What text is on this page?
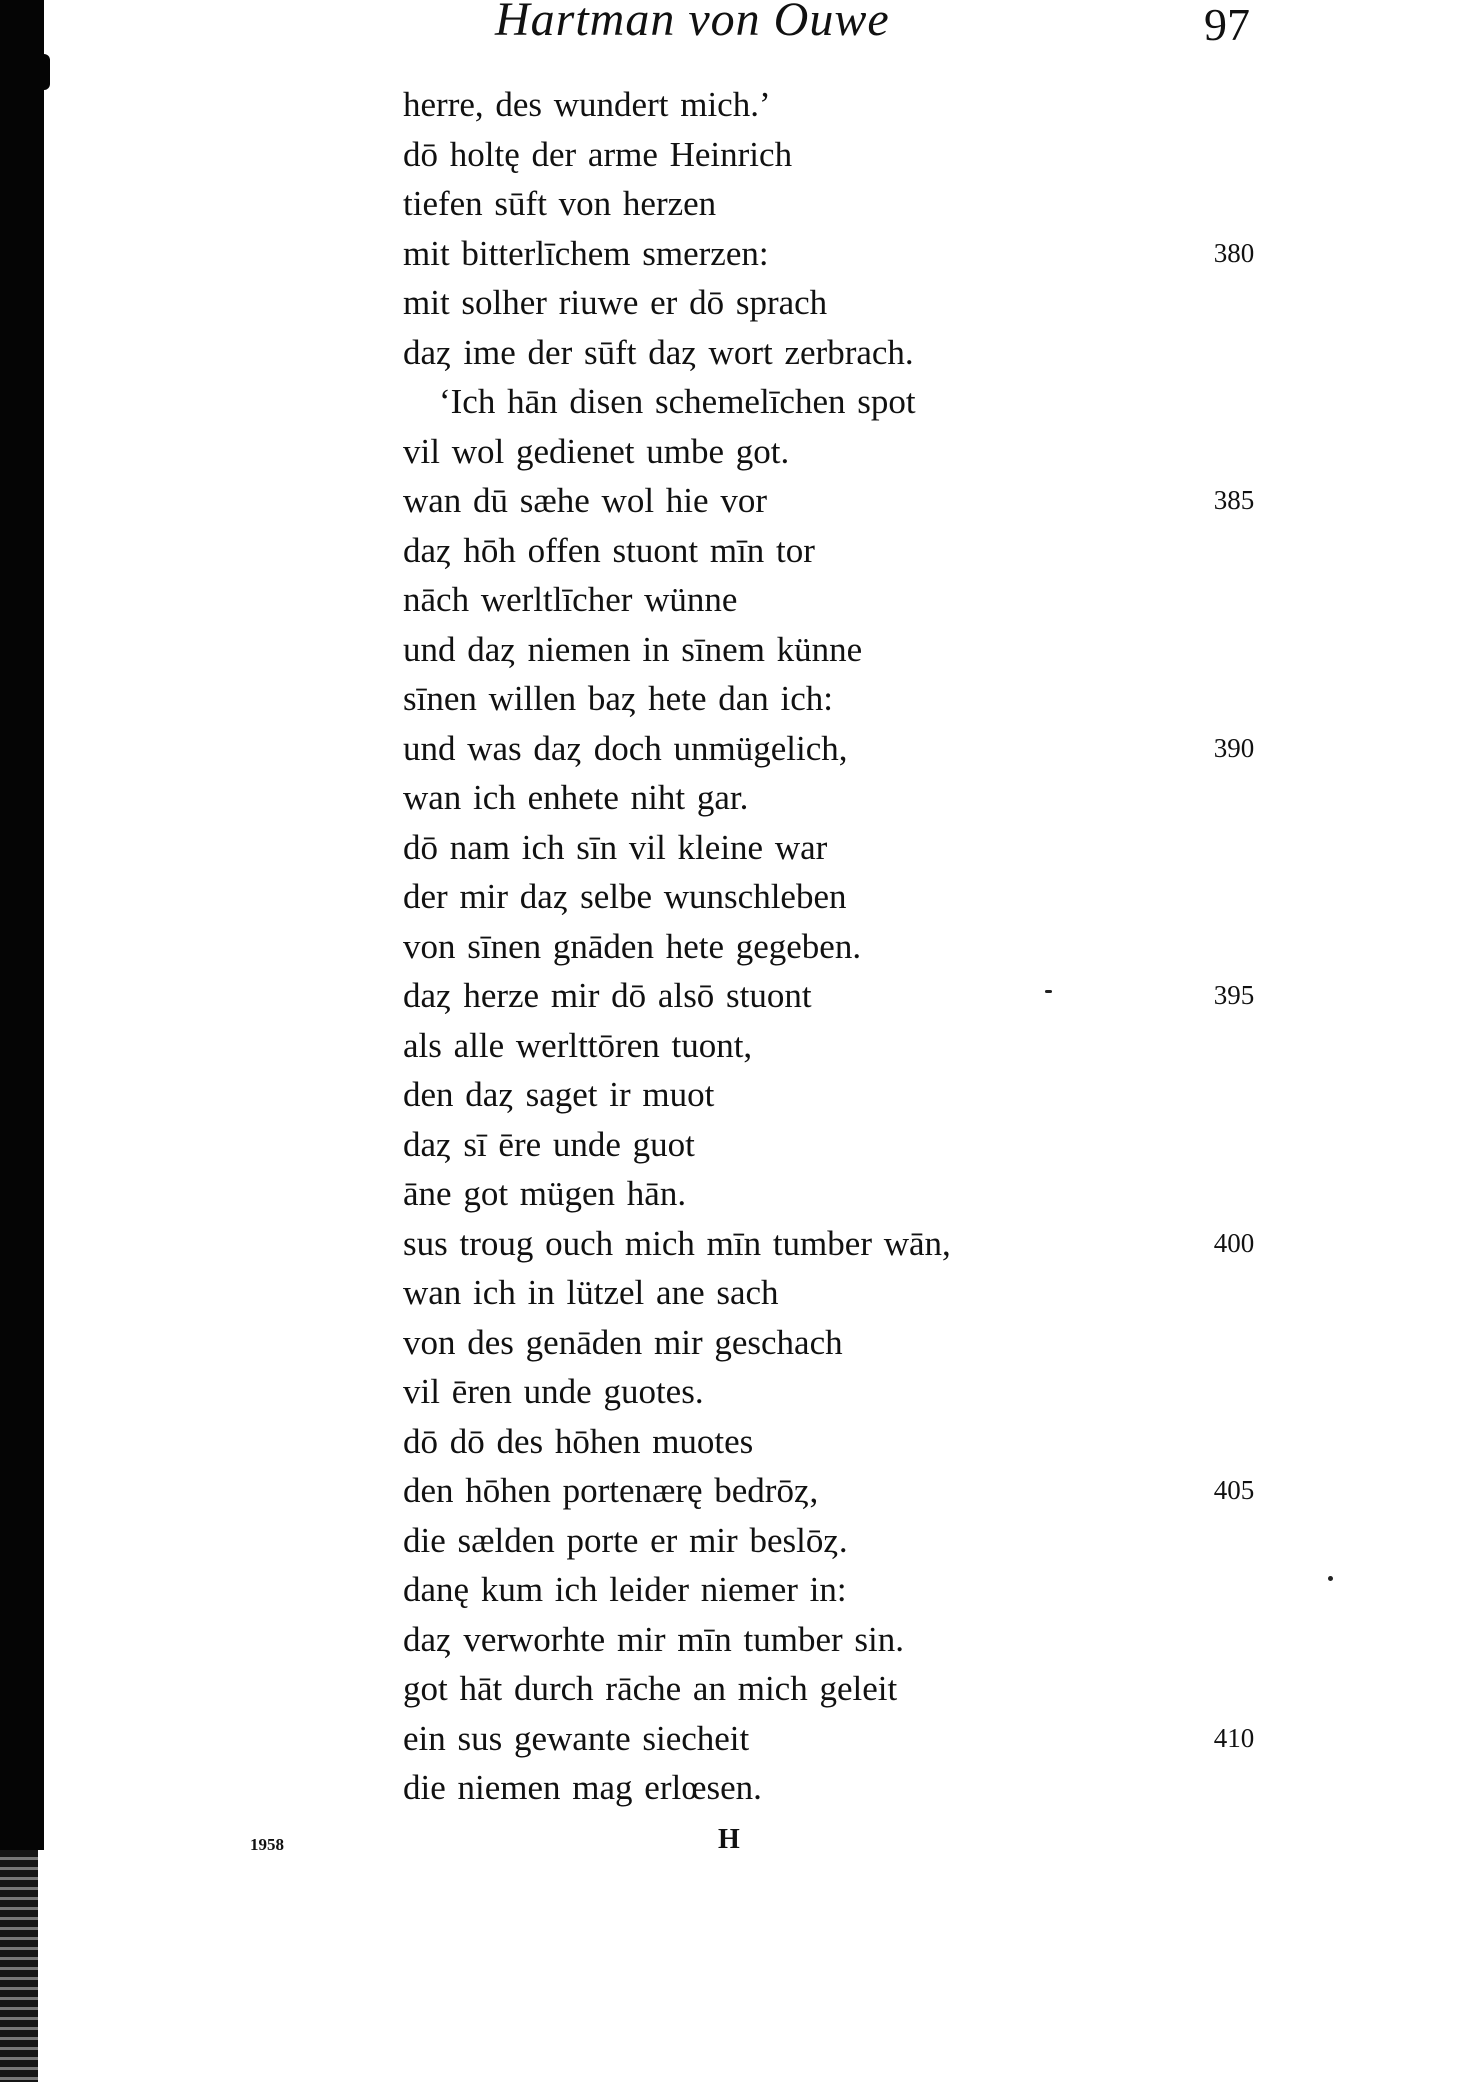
Hartman von Ouwe	97
herre, des wundert mich.’
dō holtę der arme Heinrich
tiefen sūft von herzen
mit bitterlīchem smerzen:
mit solher riuwe er dō sprach
daȥ ime der sūft daȥ wort zerbrach.
‘Ich hān disen schemelīchen spot
vil wol gedienet umbe got.
wan dū sæhe wol hie vor
daȥ hōh offen stuont mīn tor
nāch werltlīcher wünne
und daȥ niemen in sīnem künne
sīnen willen baȥ hete dan ich:
und was daȥ doch unmügelich,
wan ich enhete niht gar.
dō nam ich sīn vil kleine war
der mir daȥ selbe wunschleben
von sīnen gnāden hete gegeben.
daȥ herze mir dō alsō stuont
als alle werlttōren tuont,
den daȥ saget ir muot
daȥ sī ēre unde guot
āne got mügen hān.
sus troug ouch mich mīn tumber wān,
wan ich in lützel ane sach
von des genāden mir geschach
vil ēren unde guotes.
dō dō des hōhen muotes
den hōhen portenærę bedrōȥ,
die sælden porte er mir beslōȥ.
danę kum ich leider niemer in:
daȥ verworhte mir mīn tumber sin.
got hāt durch rāche an mich geleit
ein sus gewante siecheit
die niemen mag erlœsen.
380
385
390
395
400
405
410
1958	H
